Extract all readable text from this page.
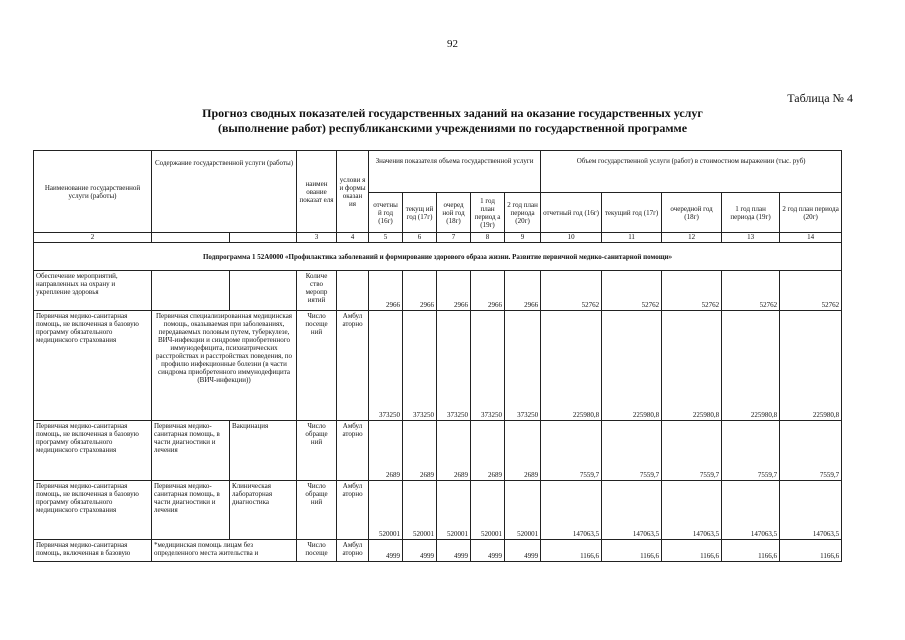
92
Таблица № 4
Прогноз сводных показателей государственных заданий на оказание государственных услуг
(выполнение работ) республиканскими учреждениями по государственной программе
Наименование государственной услуги (работы)	Содержание государственной услуги (работы)		наимен ование показат еля	услови я и формы оказан ия	Значения показателя объема государственной услуги					Объем государственной услуги (работ) в стоимостном выражении (тыс. руб)				
					отчетны й год (16г)	текущ ий год (17г)	очеред ной год (18г)	1 год план период а (19г)	2 год план периода (20г)	отчетный год (16г)	текущий год (17г)	очередной год (18г)	1 год план периода (19г)	2 год план периода (20г)
2			3	4	5	6	7	8	9	10	11	12	13	14
Подпрограмма 1 52А0000 «Профилактика заболеваний и формирование здорового образа жизни. Развитие первичной медико-санитарной помощи»														
Обеспечение мероприятий, направленных на охрану и укрепление здоровья			Количе ство меропр иятий		2966	2966	2966	2966	2966	52762	52762	52762	52762	52762
Первичная медико-санитарная помощь, не включенная в базовую программу обязательного медицинского страхования	Первичная специализированная медицинская помощь, оказываемая при заболеваниях, передаваемых половым путем, туберкулезе, ВИЧ-инфекции и синдроме приобретенного иммунодефицита, психиатрических расстройствах и расстройствах поведения, по профилю инфекционные болезни (в части синдрома приобретенного иммунодефицита (ВИЧ-инфекции))		Число посеще ний	Амбул аторно	373250	373250	373250	373250	373250	225980,8	225980,8	225980,8	225980,8	225980,8
Первичная медико-санитарная помощь, не включенная в базовую программу обязательного медицинского страхования	Первичная медико-санитарная помощь, в части диагностики и лечения	Вакцинация	Число обраще ний	Амбул аторно	2689	2689	2689	2689	2689	7559,7	7559,7	7559,7	7559,7	7559,7
Первичная медико-санитарная помощь, не включенная в базовую программу обязательного медицинского страхования	Первичная медико-санитарная помощь, в части диагностики и лечения	Клиническая лабораторная диагностика	Число обраще ний	Амбул аторно	520001	520001	520001	520001	520001	147063,5	147063,5	147063,5	147063,5	147063,5
Первичная медико-санитарная помощь, включенная в базовую	*медицинская помощь лицам без определенного места жительства и		Число посеще	Амбул аторно	4999	4999	4999	4999	4999	1166,6	1166,6	1166,6	1166,6	1166,6
